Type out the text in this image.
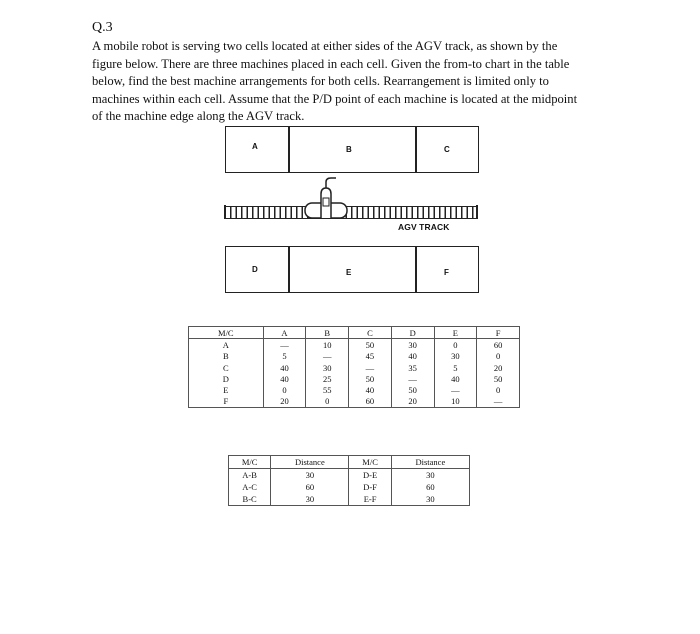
Q.3
A mobile robot is serving two cells located at either sides of the AGV track, as shown by the
figure below. There are three machines placed in each cell. Given the from-to chart in the table
below, find the best machine arrangements for both cells. Rearrangement is limited only to
machines within each cell. Assume that the P/D point of each machine is located at the midpoint
of the machine edge along the AGV track.
A	B	C
AGV TRACK
D	E	F
M/C	A	B	C	D	E	F
A	—	10	50	30	0	60
B	5	—	45	40	30	0
C	40	30	—	35	5	20
D	40	25	50	—	40	50
E	0	55	40	50	—	0
F	20	0	60	20	10	—
M/C	Distance	M/C	Distance
A-B	30	D-E	30
A-C	60	D-F	60
B-C	30	E-F	30
